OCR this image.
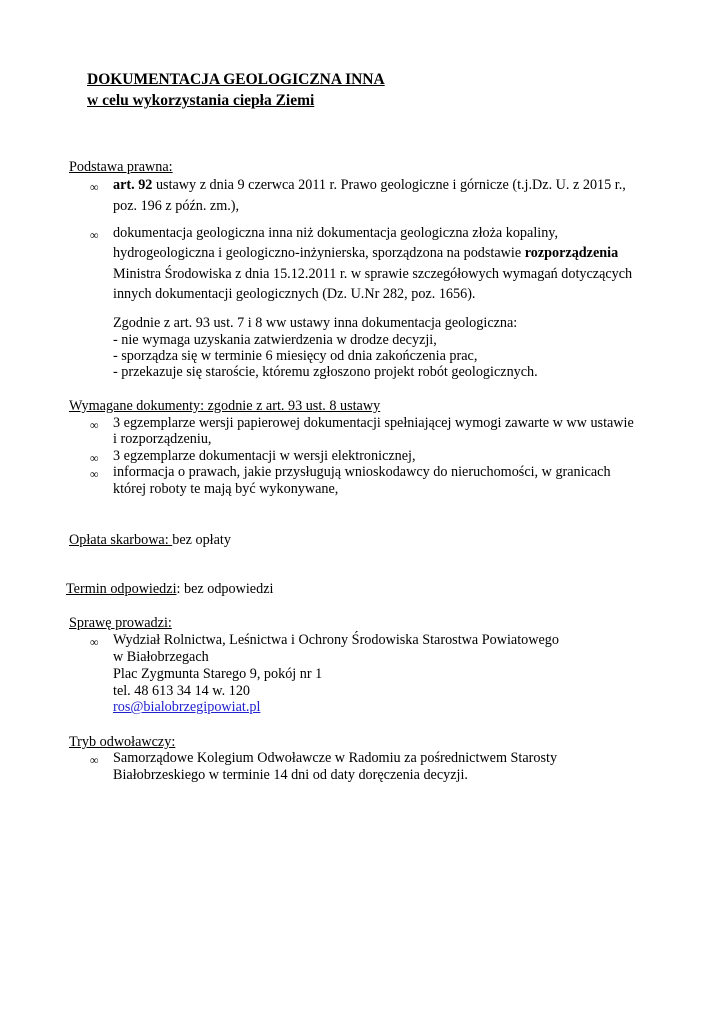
DOKUMENTACJA GEOLOGICZNA INNA
w celu wykorzystania ciepła Ziemi
Podstawa prawna:
∞ art. 92 ustawy z dnia 9 czerwca 2011 r. Prawo geologiczne i górnicze (t.j.Dz. U. z 2015 r.,
poz. 196 z późn. zm.),
∞ dokumentacja geologiczna inna niż dokumentacja geologiczna złoża kopaliny,
hydrogeologiczna i geologiczno-inżynierska, sporządzona na podstawie rozporządzenia
Ministra Środowiska z dnia 15.12.2011 r. w sprawie szczegółowych wymagań dotyczących
innych dokumentacji geologicznych (Dz. U.Nr 282, poz. 1656).
Zgodnie z art. 93 ust. 7 i 8 ww ustawy inna dokumentacja geologiczna:
- nie wymaga uzyskania zatwierdzenia w drodze decyzji,
- sporządza się w terminie 6 miesięcy od dnia zakończenia prac,
- przekazuje się staroście, któremu zgłoszono projekt robót geologicznych.
Wymagane dokumenty: zgodnie z art. 93 ust. 8 ustawy
∞ 3 egzemplarze wersji papierowej dokumentacji spełniającej wymogi zawarte w ww ustawie
i rozporządzeniu,
∞ 3 egzemplarze dokumentacji w wersji elektronicznej,
∞ informacja o prawach, jakie przysługują wnioskodawcy do nieruchomości, w granicach
której roboty te mają być wykonywane,
Opłata skarbowa: bez opłaty
Termin odpowiedzi: bez odpowiedzi
Sprawę prowadzi:
∞ Wydział Rolnictwa, Leśnictwa i Ochrony Środowiska Starostwa Powiatowego
w Białobrzegach
Plac Zygmunta Starego 9, pokój nr 1
tel. 48 613 34 14 w. 120
ros@bialobrzegipowiat.pl
Tryb odwoławczy:
∞ Samorządowe Kolegium Odwoławcze w Radomiu za pośrednictwem Starosty
Białobrzeskiego w terminie 14 dni od daty doręczenia decyzji.
